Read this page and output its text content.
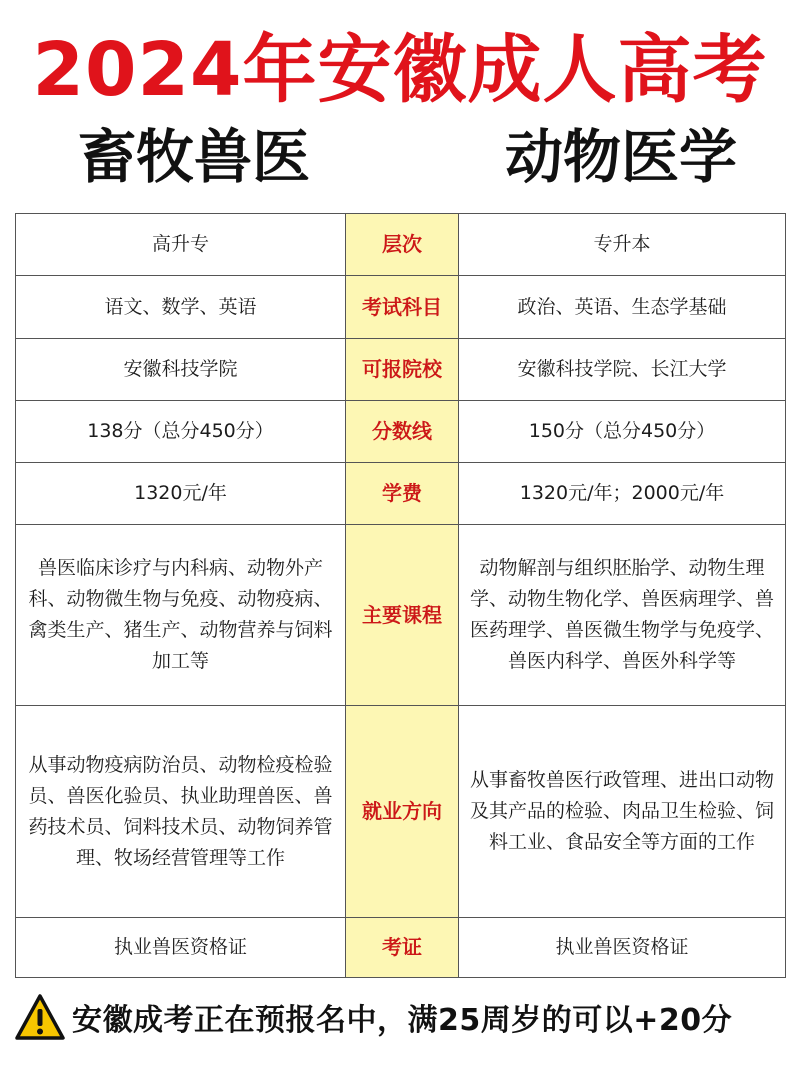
2024年安徽成人高考
畜牧兽医	动物医学
高升专	层次	专升本
语文、数学、英语	考试科目	政治、英语、生态学基础
安徽科技学院	可报院校	安徽科技学院、长江大学
138分（总分450分）	分数线	150分（总分450分）
1320元/年	学费	1320元/年；2000元/年
兽医临床诊疗与内科病、动物外产科、动物微生物与免疫、动物疫病、禽类生产、猪生产、动物营养与饲料加工等	主要课程	动物解剖与组织胚胎学、动物生理学、动物生物化学、兽医病理学、兽医药理学、兽医微生物学与免疫学、兽医内科学、兽医外科学等
从事动物疫病防治员、动物检疫检验员、兽医化验员、执业助理兽医、兽药技术员、饲料技术员、动物饲养管理、牧场经营管理等工作	就业方向	从事畜牧兽医行政管理、进出口动物及其产品的检验、肉品卫生检验、饲料工业、食品安全等方面的工作
执业兽医资格证	考证	执业兽医资格证
安徽成考正在预报名中，满25周岁的可以+20分
